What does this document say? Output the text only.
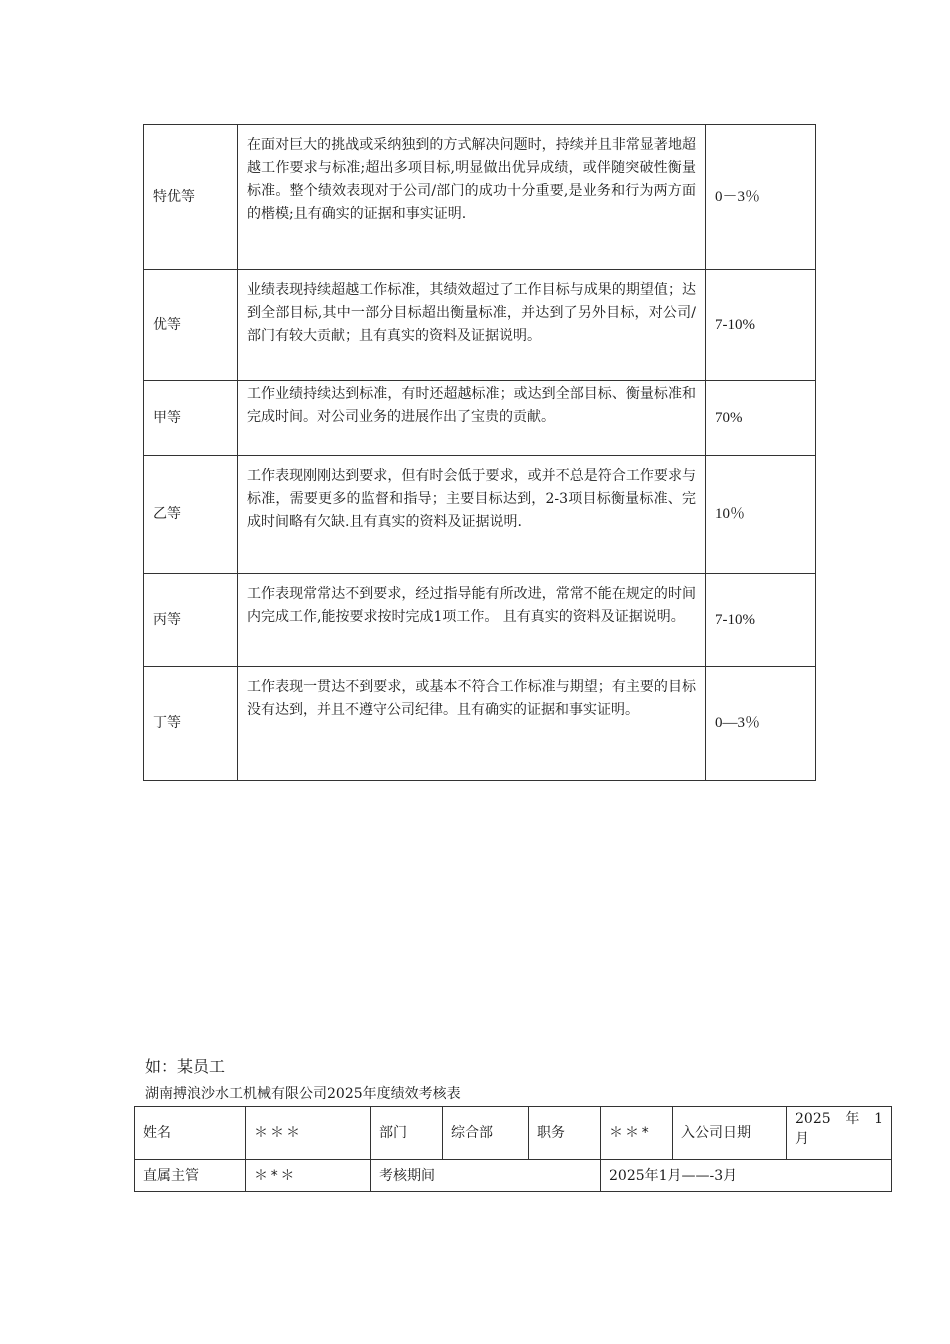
特优等	在面对巨大的挑战或采纳独到的方式解决问题时，持续并且非常显著地超越工作要求与标准;超出多项目标,明显做出优异成绩，或伴随突破性衡量标准。整个绩效表现对于公司/部门的成功十分重要,是业务和行为两方面的楷模;且有确实的证据和事实证明.	0－3％
优等	业绩表现持续超越工作标准，其绩效超过了工作目标与成果的期望值；达到全部目标,其中一部分目标超出衡量标准，并达到了另外目标，对公司/部门有较大贡献；且有真实的资料及证据说明。	7-10%
甲等	工作业绩持续达到标准，有时还超越标准；或达到全部目标、衡量标准和完成时间。对公司业务的进展作出了宝贵的贡献。	70%
乙等	工作表现刚刚达到要求，但有时会低于要求，或并不总是符合工作要求与标准，需要更多的监督和指导；主要目标达到，2-3项目标衡量标准、完成时间略有欠缺.且有真实的资料及证据说明.	10％
丙等	工作表现常常达不到要求，经过指导能有所改进，常常不能在规定的时间内完成工作,能按要求按时完成1项工作。 且有真实的资料及证据说明。	7-10%
丁等	工作表现一贯达不到要求，或基本不符合工作标准与期望；有主要的目标没有达到，并且不遵守公司纪律。且有确实的证据和事实证明。	0—3％
如：某员工
湖南搏浪沙水工机械有限公司2025年度绩效考核表
姓名	＊＊＊	部门	综合部	职务	＊＊*	入公司日期	2025　年　1月
直属主管	＊*＊	考核期间			2025年1月——-3月		
